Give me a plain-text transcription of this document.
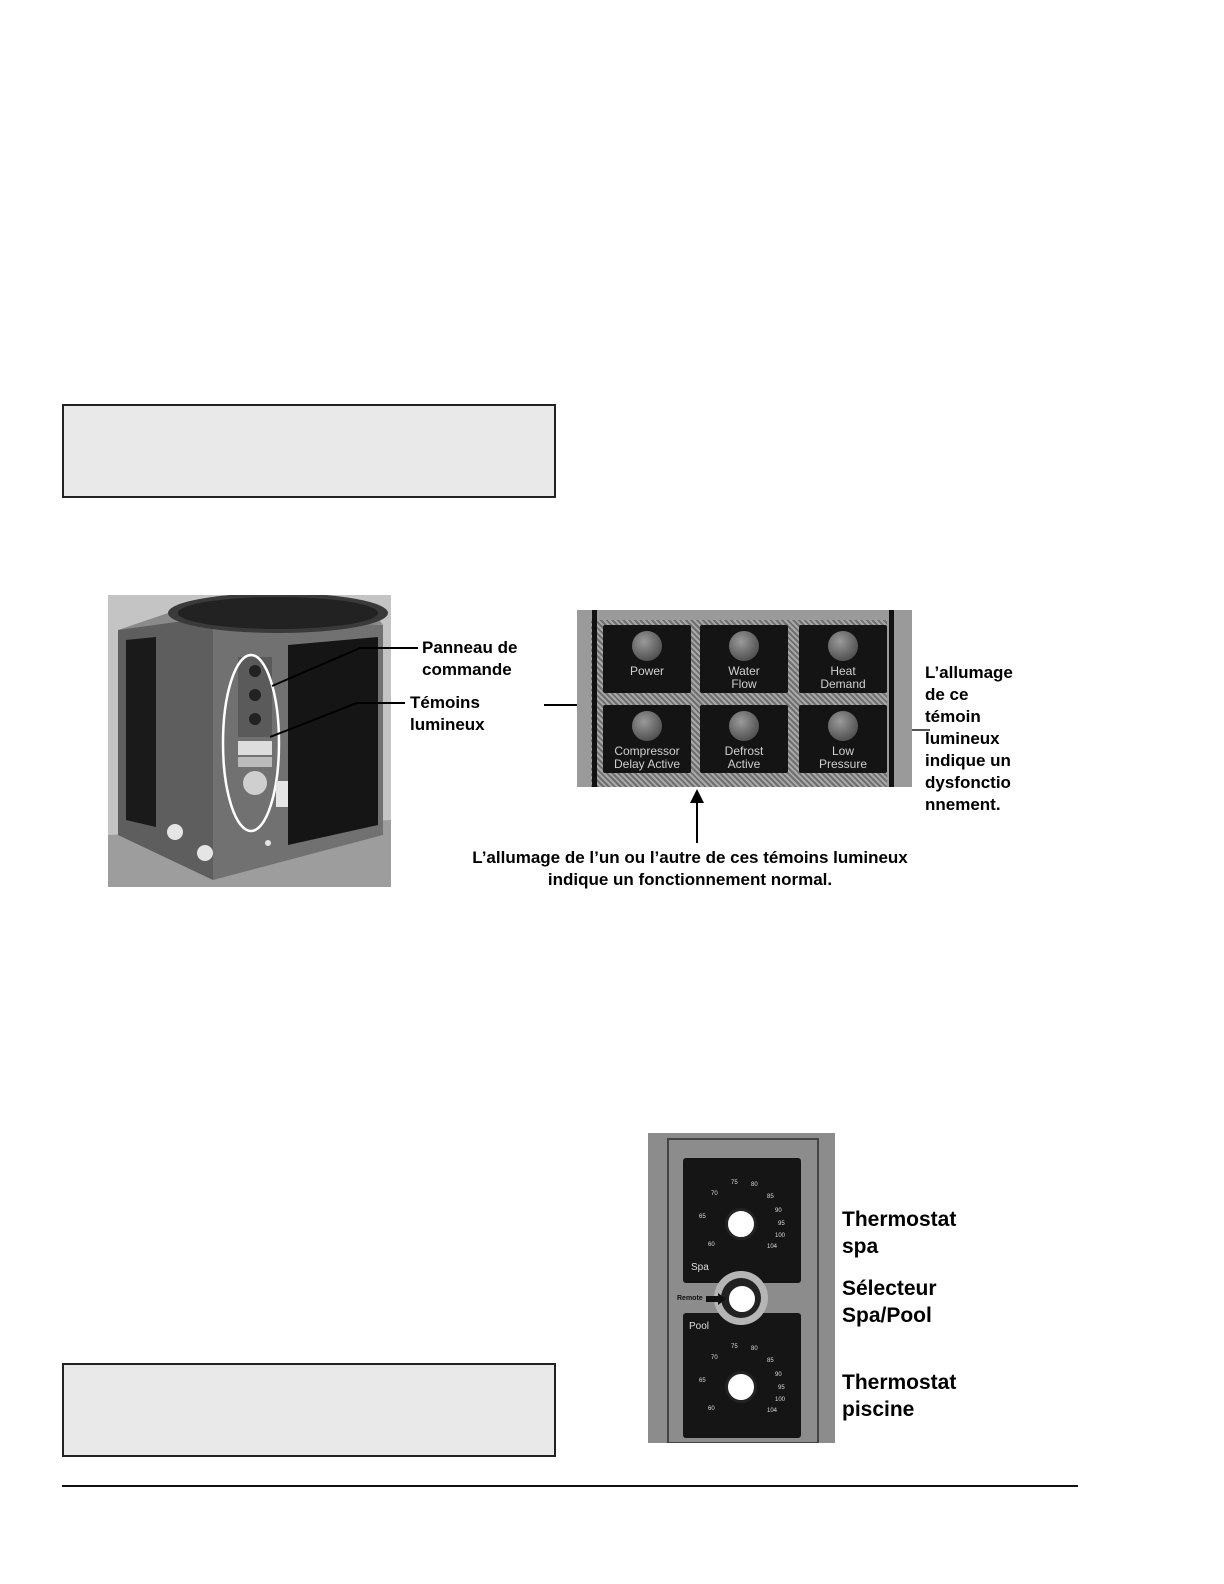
Panneau de
commande
Témoins
lumineux
Power	Water
Flow
Heat
Demand
Compressor
Delay Active
Defrost
Active
Low
Pressure
L’allumage
de ce
témoin
lumineux
indique un
dysfonctio
nnement.
L’allumage de l’un ou l’autre de ces témoins lumineux
indique un fonctionnement normal.
Spa
60
65
70
75 80
85
90
95
100
104
Pool
60
65
70
75 80
85
90
95
100
104
Remote
Thermostat
spa
Sélecteur
Spa/Pool
Thermostat
piscine
